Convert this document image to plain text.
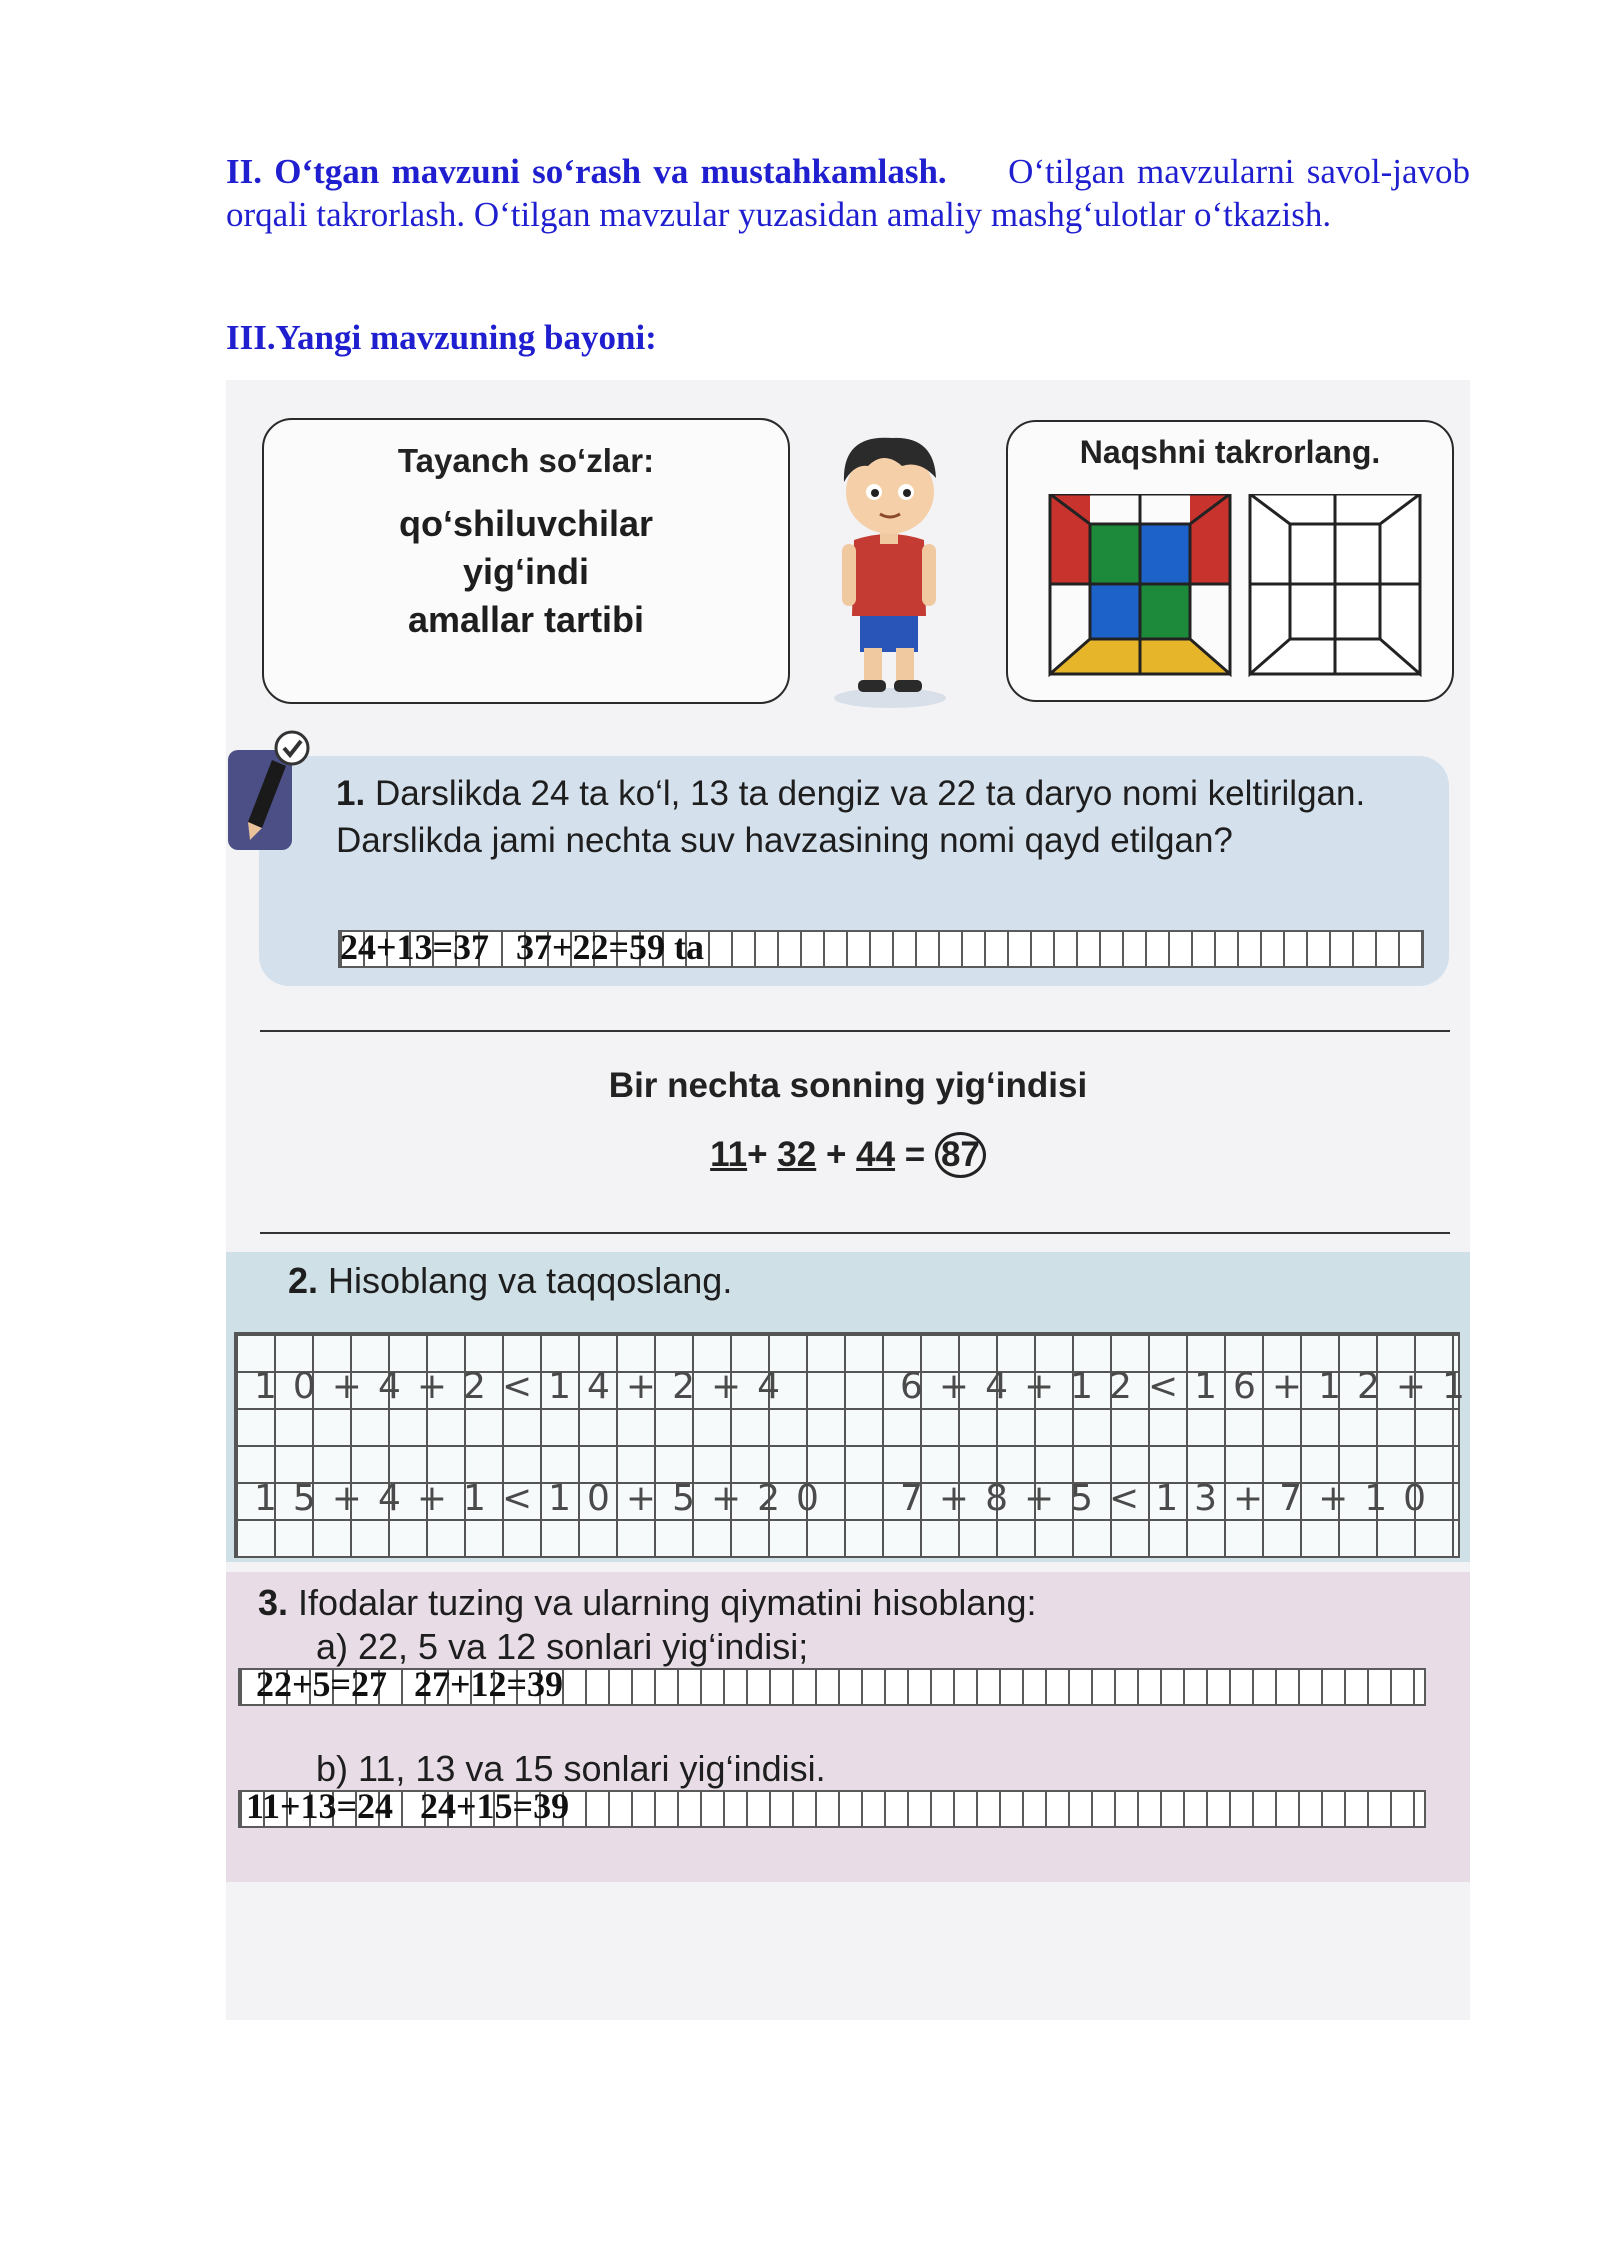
II. O‘tgan mavzuni so‘rash va mustahkamlash. O‘tilgan mavzularni savol-javob orqali takrorlash. O‘tilgan mavzular yuzasidan amaliy mashg‘ulotlar o‘tkazish.
III.Yangi mavzuning bayoni:
Tayanch so‘zlar:
qo‘shiluvchilar
yig‘indi
amallar tartibi
Naqshni takrorlang.
1. Darslikda 24 ta ko‘l, 13 ta dengiz va 22 ta daryo nomi keltirilgan. Darslikda jami nechta suv havzasining nomi qayd etilgan?
24+13=37   37+22=59 ta
Bir nechta sonning yig‘indisi
11 + 32 + 44 = 87
2. Hisoblang va taqqoslang.
10+4+2<14+2+4	6+4+12<16+12+1
15+4+1<10+5+20 7+8+5<13+7+10
3. Ifodalar tuzing va ularning qiymatini hisoblang:
a) 22, 5 va 12 sonlari yig‘indisi;
22+5=27   27+12=39
b) 11, 13 va 15 sonlari yig‘indisi.
11+13=24   24+15=39
